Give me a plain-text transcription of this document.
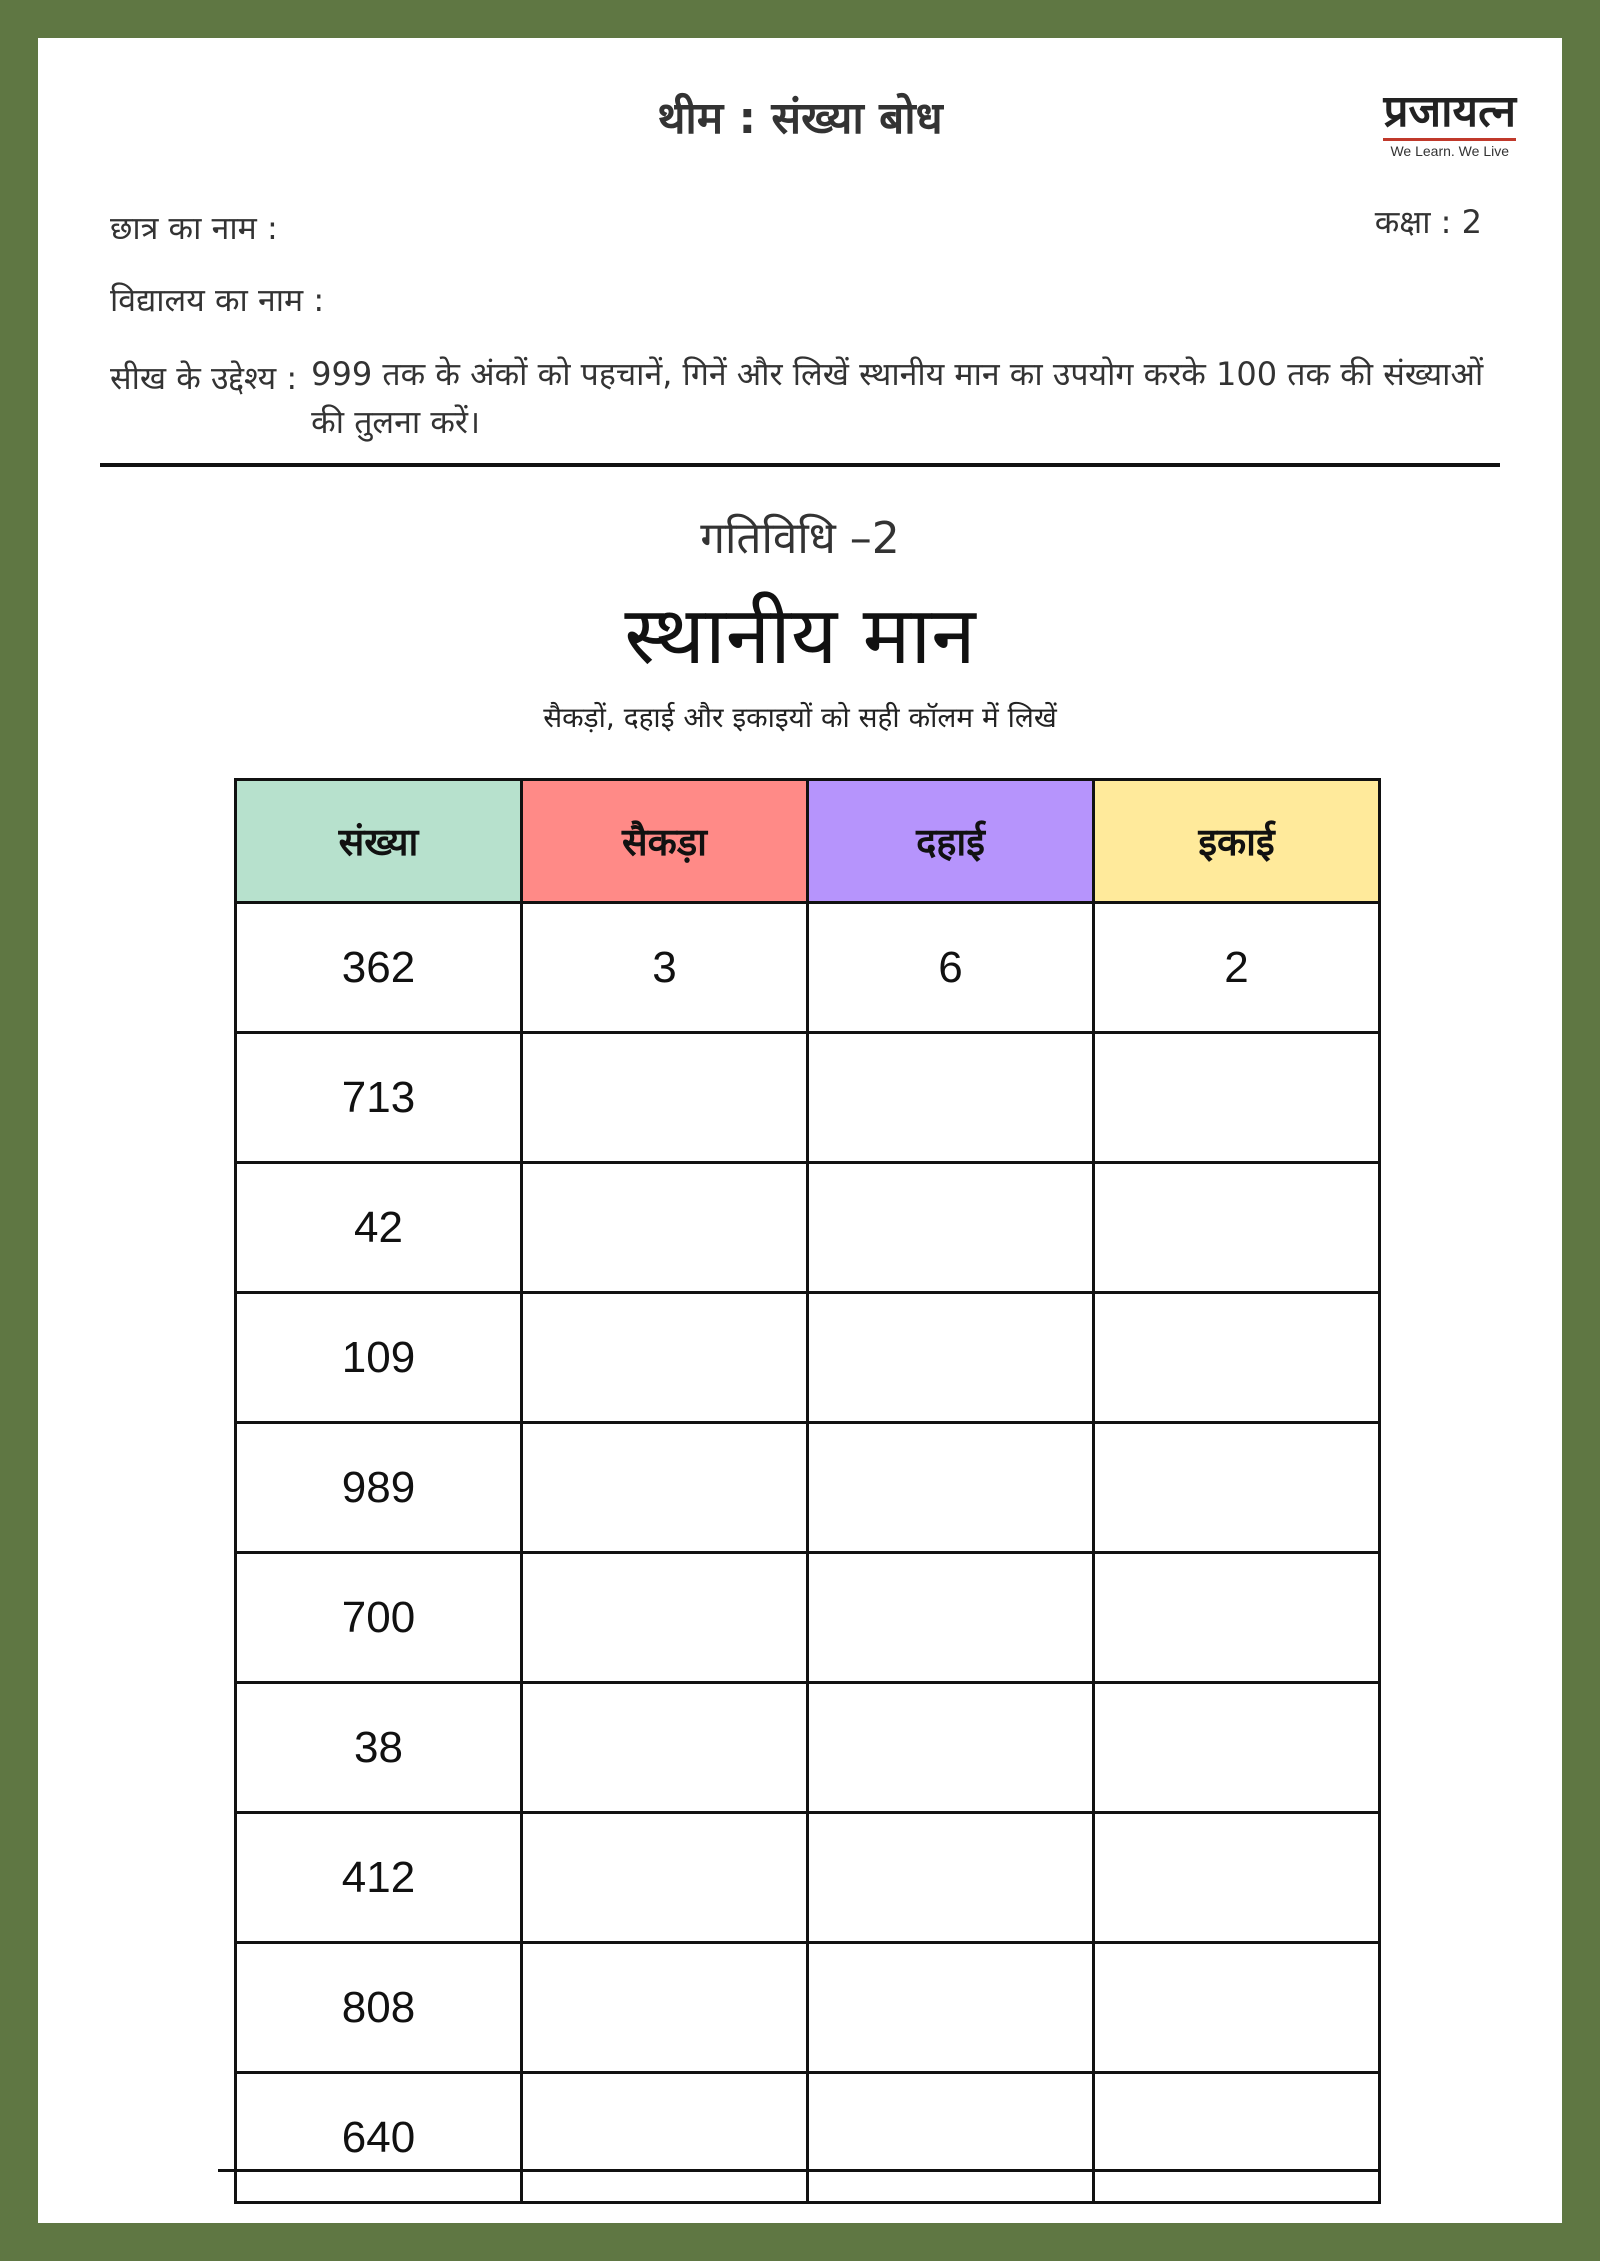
थीम : संख्या बोध	प्रजायत्न
We Learn. We Live
छात्र का नाम :	कक्षा : 2
विद्यालय का नाम :
सीख के उद्देश्य : 999 तक के अंकों को पहचानें, गिनें और लिखें स्थानीय मान का उपयोग करके 100 तक की संख्याओं की तुलना करें।
गतिविधि –2
स्थानीय मान
सैकड़ों, दहाई और इकाइयों को सही कॉलम में लिखें
संख्या	सैकड़ा	दहाई	इकाई
362	3	6	2
713			
42			
109			
989			
700			
38			
412			
808			
640			
